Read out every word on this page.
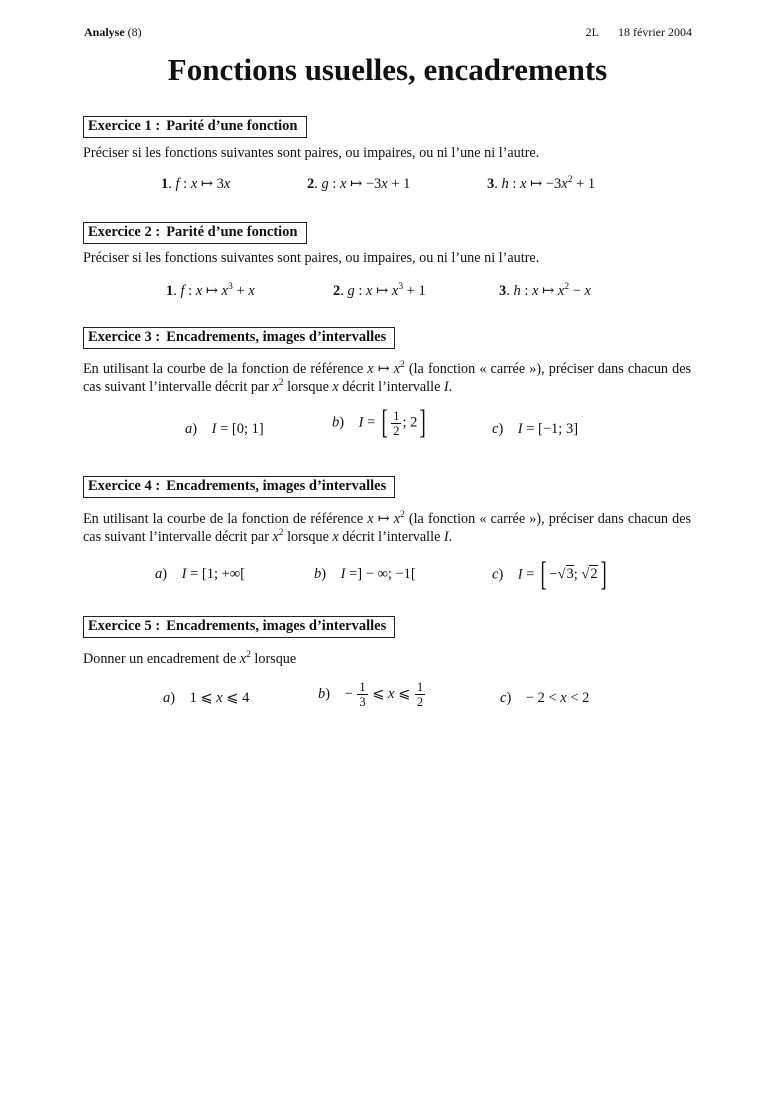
Analyse (8)	2L 18 février 2004
Fonctions usuelles, encadrements
Exercice 1 : Parité d’une fonction
Préciser si les fonctions suivantes sont paires, ou impaires, ou ni l’une ni l’autre.
1. f : x ↦ 3x	2. g : x ↦ −3x + 1	3. h : x ↦ $-3x^2 + 1$
Exercice 2 : Parité d’une fonction
Préciser si les fonctions suivantes sont paires, ou impaires, ou ni l’une ni l’autre.
1. f : x ↦ $x^3 + x$	2. g : x ↦ $x^3 + 1$	3. h : x ↦ $x^2 - x$
Exercice 3 : Encadrements, images d’intervalles
En utilisant la courbe de la fonction de référence x ↦ $x^2$ (la fonction « carrée »), préciser dans chacun des cas suivant l’intervalle décrit par $x^2$ lorsque x décrit l’intervalle I.
a)    I = [0; 1]	b)    I = [ $\frac{1}{2}$ ; 2]	c)    I = [−1; 3]
Exercice 4 : Encadrements, images d’intervalles
En utilisant la courbe de la fonction de référence x ↦ $x^2$ (la fonction « carrée »), préciser dans chacun des cas suivant l’intervalle décrit par $x^2$ lorsque x décrit l’intervalle I.
a)    I = [1; +∞[	b)    I =] − ∞; −1[	c)    I = [ −√3; √2]
Exercice 5 : Encadrements, images d’intervalles
Donner un encadrement de $x^2$ lorsque
a)    1 ⩽ x ⩽ 4	b)    − $\frac{1}{3}$ ⩽ x ⩽ $\frac{1}{2}$	c)    − 2 < x < 2
